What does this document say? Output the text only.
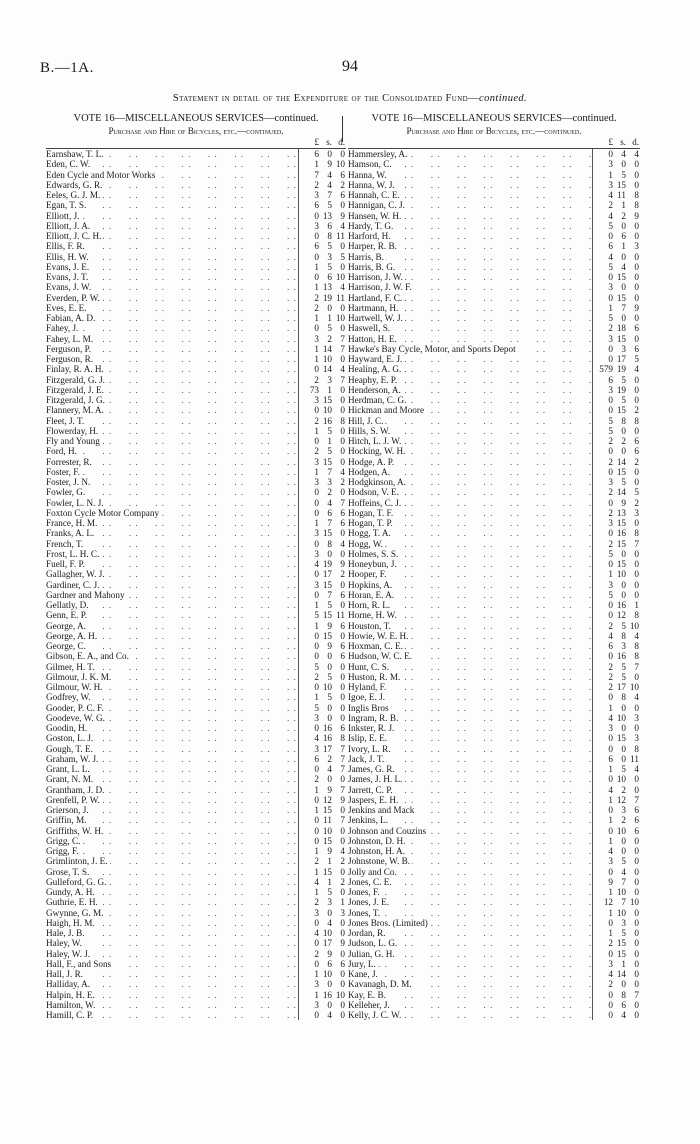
B.—1A.	94
Statement in detail of the Expenditure of the Consolidated Fund—continued.
VOTE 16—MISCELLANEOUS SERVICES—continued.
Purchase and Hire of Bicycles, etc.—continued.
£ s. d.
Earnshaw, T. L. . .	6 0 0
Eden, C. W. . .	1 9 10
Eden Cycle and Motor Works . .	7 4 6
Edwards, G. R. . .	2 4 2
Eeles, G. J. M. . .	3 7 6
Egan, T. S. . .	6 5 0
Elliott, J. . .	0 13 9
Elliott, J. A. . .	3 6 4
Elliott, J. C. H. . .	0 8 11
Ellis, F. R. . .	6 5 0
Ellis, H. W. . .	0 3 5
Evans, J. E. . .	1 5 0
Evans, J. T. . .	0 6 10
Evans, J. W. . .	1 13 4
Everden, P. W. . .	2 19 11
Eves, E. E. . .	2 0 0
Fabian, A. D. . .	1 1 10
Fahey, J. . .	0 5 0
Fahey, L. M. . .	3 2 7
Ferguson, P. . .	1 14 7
Ferguson, R. . .	1 10 0
Finlay, R. A. H. . .	0 14 4
Fitzgerald, G. J. . .	2 3 7
Fitzgerald, J. E. . .	73 1 0
Fitzgerald, J. G. . .	3 15 0
Flannery, M. A. . .	0 10 0
Fleet, J. T. . .	2 16 8
Flowerday, H. . .	1 5 0
Fly and Young . .	0 1 0
Ford, H. . .	2 5 0
Forrester, R. . .	3 15 0
Foster, F. . .	1 7 4
Foster, J. N. . .	3 3 2
Fowler, G. . .	0 2 0
Fowler, L. N. J. . .	0 4 7
Foxton Cycle Motor Company . .	0 6 6
France, H. M. . .	1 7 6
Franks, A. L. . .	3 15 0
French, T. . .	0 8 4
Frost, L. H. C. . .	3 0 0
Fuell, F. P. . .	4 19 9
Gallagher, W. J. . .	0 17 2
Gardiner, C. J. . .	3 15 0
Gardner and Mahony . .	0 7 6
Gellatly, D. . .	1 5 0
Genn, E. P. . .	5 15 11
George, A. . .	1 9 6
George, A. H. . .	0 15 0
George, C. . .	0 9 6
Gibson, E. A., and Co. . .	0 0 6
Gilmer, H. T. . .	5 0 0
Gilmour, J. K. M. . .	2 5 0
Gilmour, W. H. . .	0 10 0
Godfrey, W. . .	1 5 0
Gooder, P. C. F. . .	5 0 0
Goodeve, W. G. . .	3 0 0
Goodin, H. . .	0 16 6
Goston, L. J. . .	4 16 8
Gough, T. E. . .	3 17 7
Graham, W. J. . .	6 2 7
Grant, L. L. . .	0 4 7
Grant, N. M. . .	2 0 0
Grantham, J. D. . .	1 9 7
Grenfell, P. W. . .	0 12 9
Grierson, J. . .	1 15 0
Griffin, M. . .	0 11 7
Griffiths, W. H. . .	0 10 0
Grigg, C. . .	0 15 0
Grigg, F. . .	1 9 4
Grimlinton, J. E. . .	2 1 2
Grose, T. S. . .	1 15 0
Gulleford, G. G. . .	4 1 2
Gundy, A. H. . .	1 5 0
Guthrie, E. H. . .	2 3 1
Gwynne, G. M. . .	3 0 3
Haigh, H. M. . .	0 4 0
Hale, J. B. . .	4 10 0
Haley, W. . .	0 17 9
Haley, W. J. . .	2 9 0
Hall, F., and Sons . .	0 6 6
Hall, J. R. . .	1 10 0
Halliday, A. . .	3 0 0
Halpin, H. E. . .	1 16 10
Hamilton, W. . .	3 0 0
Hamill, C. P. . .	0 4 0
VOTE 16—MISCELLANEOUS SERVICES—continued.
Purchase and Hire of Bicycles, etc.—continued.
£ s. d.
Hammersley, A. . .	0 4 4
Hamson, C. . .	3 0 0
Hanna, W. . .	1 5 0
Hanna, W. J. . .	3 15 0
Hannah, C. E. . .	4 11 8
Hannigan, C. J. . .	2 1 8
Hansen, W. H. . .	4 2 9
Hardy, T. G. . .	5 0 0
Harford, H. . .	0 6 0
Harper, R. B. . .	6 1 3
Harris, B. . .	4 0 0
Harris, B. G. . .	5 4 0
Harrison, J. W. . .	0 15 0
Harrison, J. W. F. . .	3 0 0
Hartland, F. C. . .	0 15 0
Hartmann, H. . .	1 7 9
Hartwell, W. J. . .	5 0 0
Haswell, S. . .	2 18 6
Hatton, H. E. . .	3 15 0
Hawke's Bay Cycle, Motor, and Sports Depot . .	0 3 6
Hayward, E. J. . .	0 17 5
Healing, A. G. . .	579 19 4
Heaphy, E. P. . .	6 5 0
Henderson, A. . .	3 19 0
Herdman, C. G. . .	0 5 0
Hickman and Moore . .	0 15 2
Hill, J. C. . .	5 8 8
Hills, S. W. . .	5 0 0
Hitch, L. J. W. . .	2 2 6
Hocking, W. H. . .	0 0 6
Hodge, A. P. . .	2 14 2
Hodgen, A. . .	0 15 0
Hodgkinson, A. . .	3 5 0
Hodson, V. E. . .	2 14 5
Hoffeins, C. J. . .	0 9 2
Hogan, T. F. . .	2 13 3
Hogan, T. P. . .	3 15 0
Hogg, T. A. . .	0 16 8
Hogg, W. . .	2 15 7
Holmes, S. S. . .	5 0 0
Honeybun, J. . .	0 15 0
Hooper, F. . .	1 10 0
Hopkins, A. . .	3 0 0
Horan, E. A. . .	5 0 0
Horn, R. L. . .	0 16 1
Horne, H. W. . .	0 12 8
Houston, T. . .	2 5 10
Howie, W. E. H. . .	4 8 4
Hoxman, C. E. . .	6 3 8
Hudson, W. C. E. . .	0 16 8
Hunt, C. S. . .	2 5 7
Huston, R. M. . .	2 5 0
Hyland, F. . .	2 17 10
Igoe, E. J. . .	0 8 4
Inglis Bros . .	1 0 0
Ingram, R. B. . .	4 10 3
Inkster, R. J. . .	3 0 0
Islip, E. E. . .	0 15 3
Ivory, L. R. . .	0 0 8
Jack, J. T. . .	6 0 11
James, G. R. . .	1 5 4
James, J. H. L. . .	0 10 0
Jarrett, C. P. . .	4 2 0
Jaspers, E. H. . .	1 12 7
Jenkins and Mack . .	0 3 6
Jenkins, L. . .	1 2 6
Johnson and Couzins . .	0 10 6
Johnston, D. H. . .	1 0 0
Johnston, H. A. . .	4 0 0
Johnstone, W. B. . .	3 5 0
Jolly and Co. . .	0 4 0
Jones, C. E. . .	9 7 0
Jones, F. . .	1 10 0
Jones, J. E. . .	12 7 10
Jones, T. . .	1 10 0
Jones Bros. (Limited) . .	0 3 0
Jordan, R. . .	1 5 0
Judson, L. G. . .	2 15 0
Julian, G. H. . .	0 15 0
Jury, L. . .	3 1 0
Kane, J. . .	4 14 0
Kavanagh, D. M. . .	2 0 0
Kay, E. B. . .	0 8 7
Kelleher, J. . .	0 6 0
Kelly, J. C. W. . .	0 4 0
